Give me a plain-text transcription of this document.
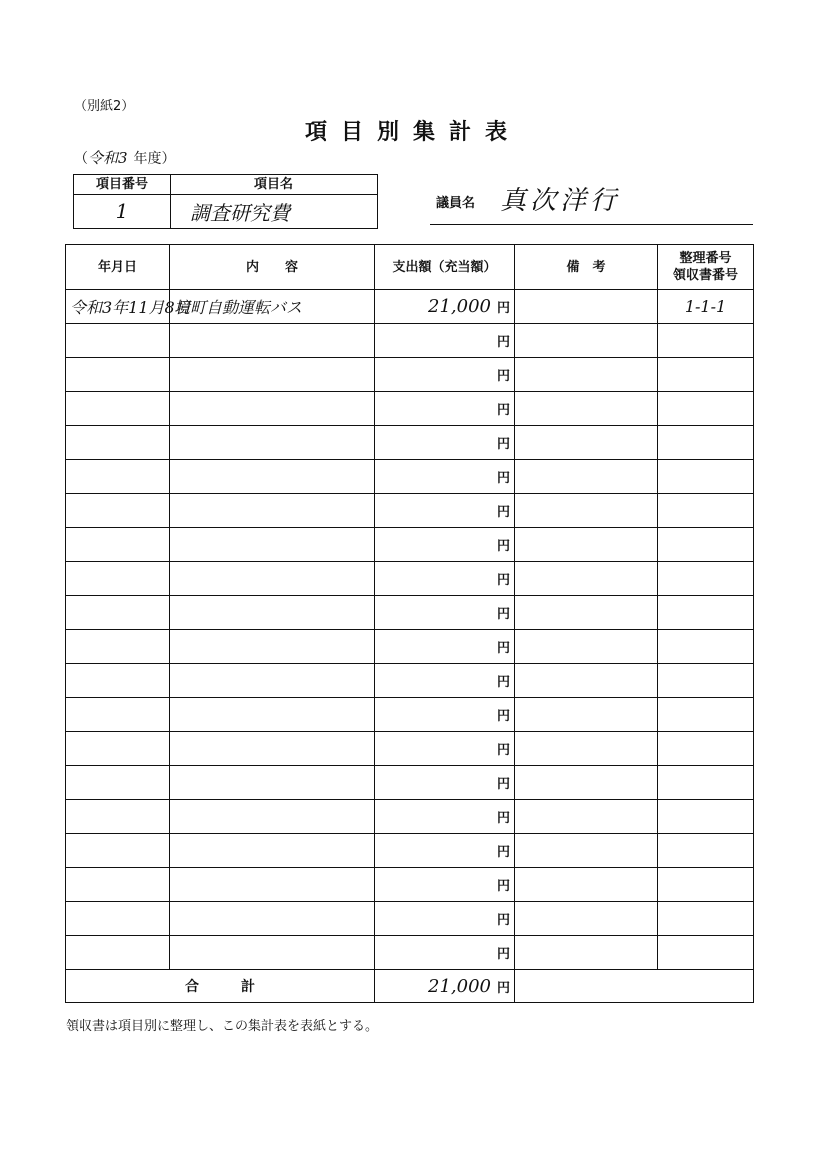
（別紙2）
項目別集計表
（令和3 年度）
項目番号	項目名
1	調査研究費	議員名 真次洋行
年月日	内　　容	支出額（充当額）	備　考	整理番号
領収書番号
令和3年11月8日	境町自動運転バス	21,000 円		1-1-1
		円		
		円		
		円		
		円		
		円		
		円		
		円		
		円		
		円		
		円		
		円		
		円		
		円		
		円		
		円		
		円		
		円		
		円		
		円		
合　　　計		21,000 円		
領収書は項目別に整理し、この集計表を表紙とする。
